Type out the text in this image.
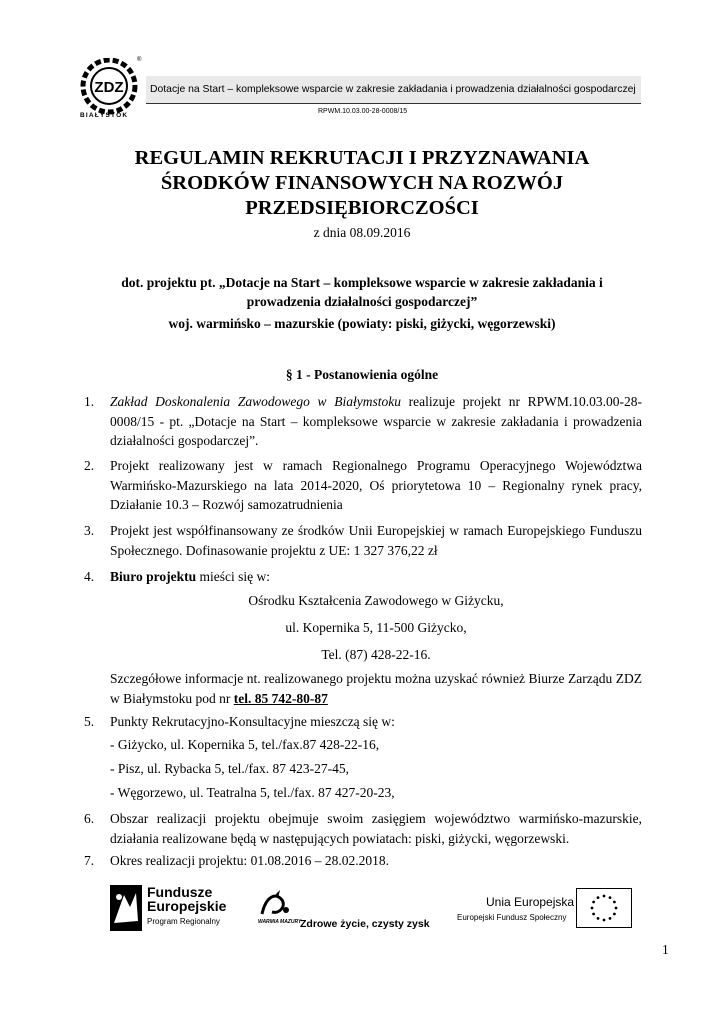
ZDZ
®
BIAŁYSTOK
Dotacje na Start – kompleksowe wsparcie w zakresie zakładania i prowadzenia działalności gospodarczej
RPWM.10.03.00-28-0008/15
REGULAMIN REKRUTACJI I PRZYZNAWANIA
ŚRODKÓW FINANSOWYCH NA ROZWÓJ
PRZEDSIĘBIORCZOŚCI
z dnia 08.09.2016
dot. projektu pt. „Dotacje na Start – kompleksowe wsparcie w zakresie zakładania i
prowadzenia działalności gospodarczej”
woj. warmińsko – mazurskie (powiaty: piski, giżycki, węgorzewski)
§ 1 - Postanowienia ogólne
1. Zakład Doskonalenia Zawodowego w Białymstoku realizuje projekt nr RPWM.10.03.00-28-0008/15 - pt. „Dotacje na Start – kompleksowe wsparcie w zakresie zakładania i prowadzenia działalności gospodarczej”.
2. Projekt realizowany jest w ramach Regionalnego Programu Operacyjnego Województwa Warmińsko-Mazurskiego na lata 2014-2020, Oś priorytetowa 10 – Regionalny rynek pracy, Działanie 10.3 – Rozwój samozatrudnienia
3. Projekt jest współfinansowany ze środków Unii Europejskiej w ramach Europejskiego Funduszu Społecznego. Dofinasowanie projektu z UE: 1 327 376,22 zł
4. Biuro projektu mieści się w:
Ośrodku Kształcenia Zawodowego w Giżycku,
ul. Kopernika 5, 11-500 Giżycko,
Tel. (87) 428-22-16.
Szczegółowe informacje nt. realizowanego projektu można uzyskać również Biurze Zarządu ZDZ w Białymstoku pod nr tel. 85 742-80-87
5. Punkty Rekrutacyjno-Konsultacyjne mieszczą się w:
- Giżycko, ul. Kopernika 5, tel./fax.87 428-22-16,
- Pisz, ul. Rybacka 5, tel./fax. 87 423-27-45,
- Węgorzewo, ul. Teatralna 5, tel./fax. 87 427-20-23,
6. Obszar realizacji projektu obejmuje swoim zasięgiem województwo warmińsko-mazurskie, działania realizowane będą w następujących powiatach: piski, giżycki, węgorzewski.
7. Okres realizacji projektu: 01.08.2016 – 28.02.2018.
Fundusze
Europejskie
Program Regionalny	WARMIA MAZURY
Zdrowe życie, czysty zysk
Unia Europejska
Europejski Fundusz Społeczny
1
